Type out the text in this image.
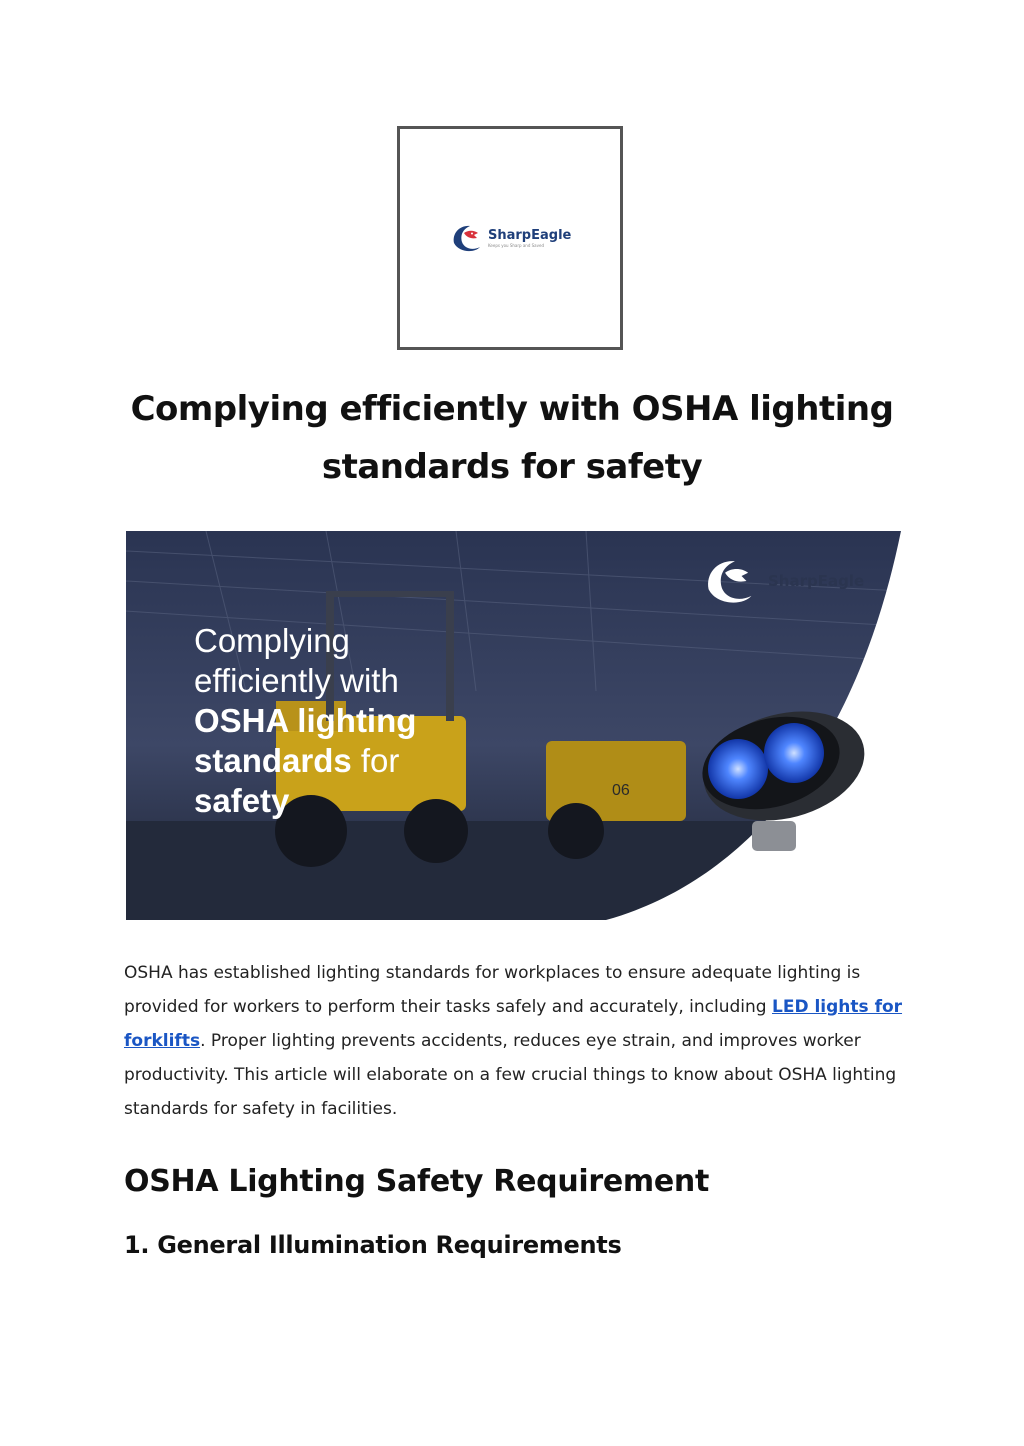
SharpEagle
Keeps you Sharp and Saved
Complying efficiently with OSHA lighting standards for safety
06
SharpEagle
Complying
efficiently with
OSHA lighting
standards for
safety

OSHA has established lighting standards for workplaces to ensure adequate lighting is provided for workers to perform their tasks safely and accurately, including LED lights for forklifts. Proper lighting prevents accidents, reduces eye strain, and improves worker productivity. This article will elaborate on a few crucial things to know about OSHA lighting standards for safety in facilities.

OSHA Lighting Safety Requirement
1. General Illumination Requirements
